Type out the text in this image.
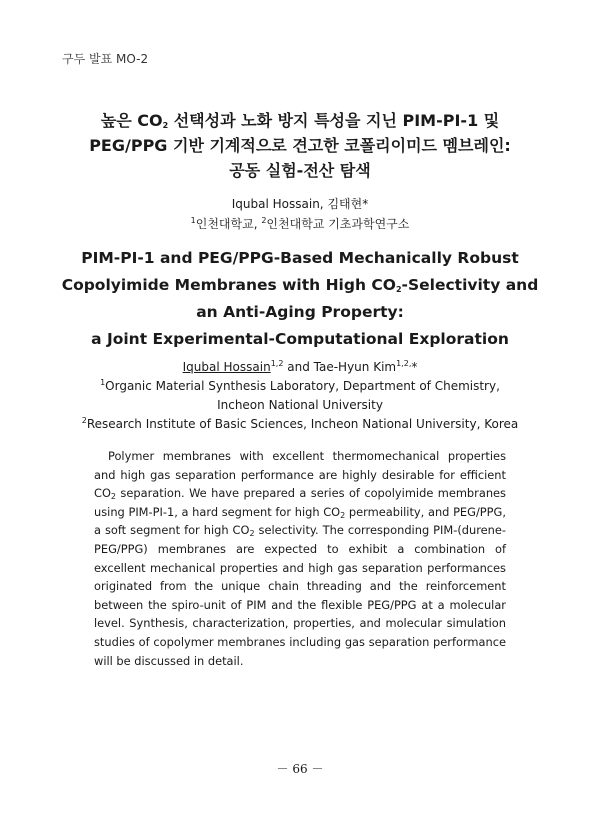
구두 발표 MO-2
높은 $CO_2$ 선택성과 노화 방지 특성을 지닌 PIM-PI-1 및
PEG/PPG 기반 기계적으로 견고한 코폴리이미드 멤브레인:
공동 실험-전산 탐색
Iqubal Hossain, 김태현*
$^1$인천대학교, $^2$인천대학교 기초과학연구소
PIM-PI-1 and PEG/PPG-Based Mechanically Robust
Copolyimide Membranes with High $CO_2$-Selectivity and
an Anti-Aging Property:
a Joint Experimental-Computational Exploration
Iqubal Hossain$^{1,2}$ and Tae-Hyun Kim$^{1,2,}$*
$^1$Organic Material Synthesis Laboratory, Department of Chemistry,
Incheon National University
$^2$Research Institute of Basic Sciences, Incheon National University, Korea
Polymer membranes with excellent thermomechanical properties and high gas separation performance are highly desirable for efficient $CO_2$ separation. We have prepared a series of copolyimide membranes using PIM-PI-1, a hard segment for high $CO_2$ permeability, and PEG/PPG, a soft segment for high $CO_2$ selectivity. The corresponding PIM-(durene-PEG/PPG) membranes are expected to exhibit a combination of excellent mechanical properties and high gas separation performances originated from the unique chain threading and the reinforcement between the spiro-unit of PIM and the flexible PEG/PPG at a molecular level. Synthesis, characterization, properties, and molecular simulation studies of copolymer membranes including gas separation performance will be discussed in detail.
－ 66 －
